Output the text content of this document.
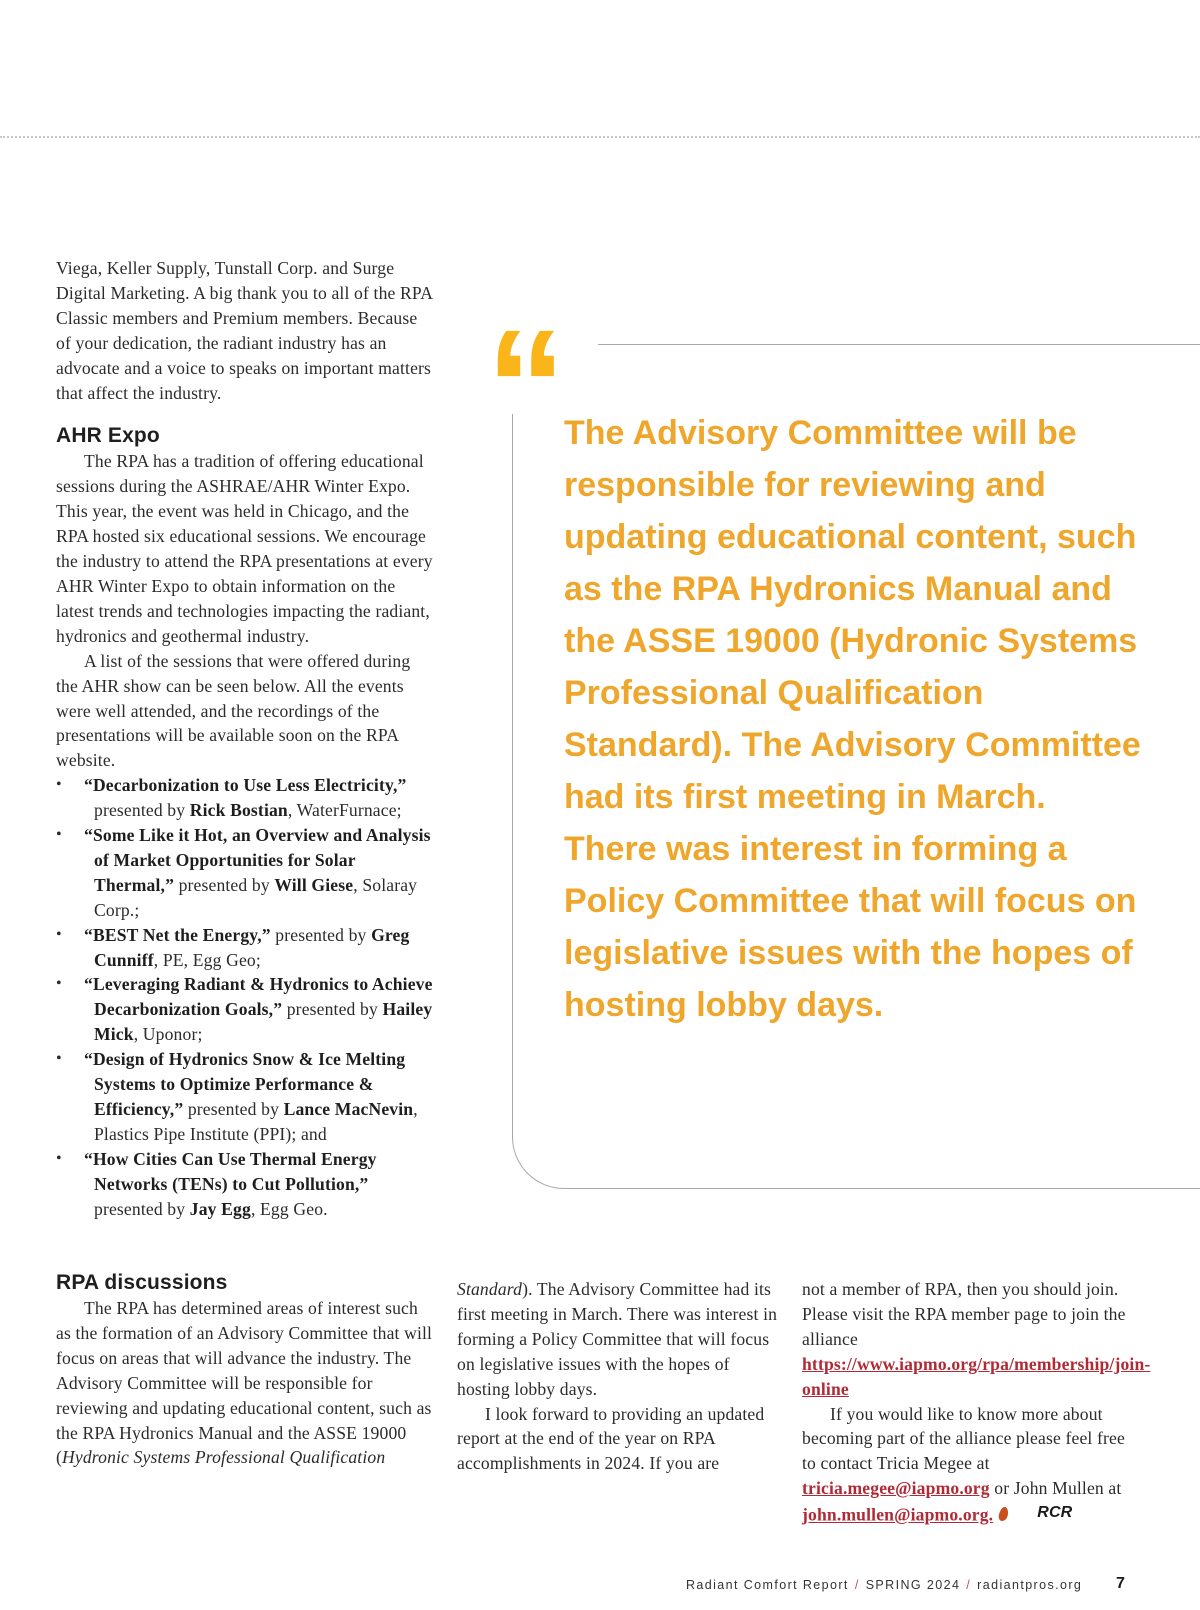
Viega, Keller Supply, Tunstall Corp. and Surge Digital Marketing. A big thank you to all of the RPA Classic members and Premium members. Because of your dedication, the radiant industry has an advocate and a voice to speaks on important matters that affect the industry.

AHR Expo

The RPA has a tradition of offering educational sessions during the ASHRAE/AHR Winter Expo. This year, the event was held in Chicago, and the RPA hosted six educational sessions. We encourage the industry to attend the RPA presentations at every AHR Winter Expo to obtain information on the latest trends and technologies impacting the radiant, hydronics and geothermal industry.

A list of the sessions that were offered during the AHR show can be seen below. All the events were well attended, and the recordings of the presentations will be available soon on the RPA website.

• “Decarbonization to Use Less Electricity,” presented by Rick Bostian, WaterFurnace;
• “Some Like it Hot, an Overview and Analysis of Market Opportunities for Solar Thermal,” presented by Will Giese, Solaray Corp.;
• “BEST Net the Energy,” presented by Greg Cunniff, PE, Egg Geo;
• “Leveraging Radiant & Hydronics to Achieve Decarbonization Goals,” presented by Hailey Mick, Uponor;
• “Design of Hydronics Snow & Ice Melting Systems to Optimize Performance & Efficiency,” presented by Lance MacNevin, Plastics Pipe Institute (PPI); and
• “How Cities Can Use Thermal Energy Networks (TENs) to Cut Pollution,” presented by Jay Egg, Egg Geo.
“ The Advisory Committee will be responsible for reviewing and updating educational content, such as the RPA Hydronics Manual and the ASSE 19000 (Hydronic Systems Professional Qualification Standard). The Advisory Committee had its first meeting in March. There was interest in forming a Policy Committee that will focus on legislative issues with the hopes of hosting lobby days.

RPA discussions

The RPA has determined areas of interest such as the formation of an Advisory Committee that will focus on areas that will advance the industry. The Advisory Committee will be responsible for reviewing and updating educational content, such as the RPA Hydronics Manual and the ASSE 19000 (Hydronic Systems Professional Qualification

Standard). The Advisory Committee had its first meeting in March. There was interest in forming a Policy Committee that will focus on legislative issues with the hopes of hosting lobby days.

I look forward to providing an updated report at the end of the year on RPA accomplishments in 2024. If you are

not a member of RPA, then you should join. Please visit the RPA member page to join the alliance https://www.iapmo.org/rpa/membership/join-online

If you would like to know more about becoming part of the alliance please feel free to contact Tricia Megee at tricia.megee@iapmo.org or John Mullen at john.mullen@iapmo.org.	RCR

Radiant Comfort Report / SPRING 2024 / radiantpros.org 7
